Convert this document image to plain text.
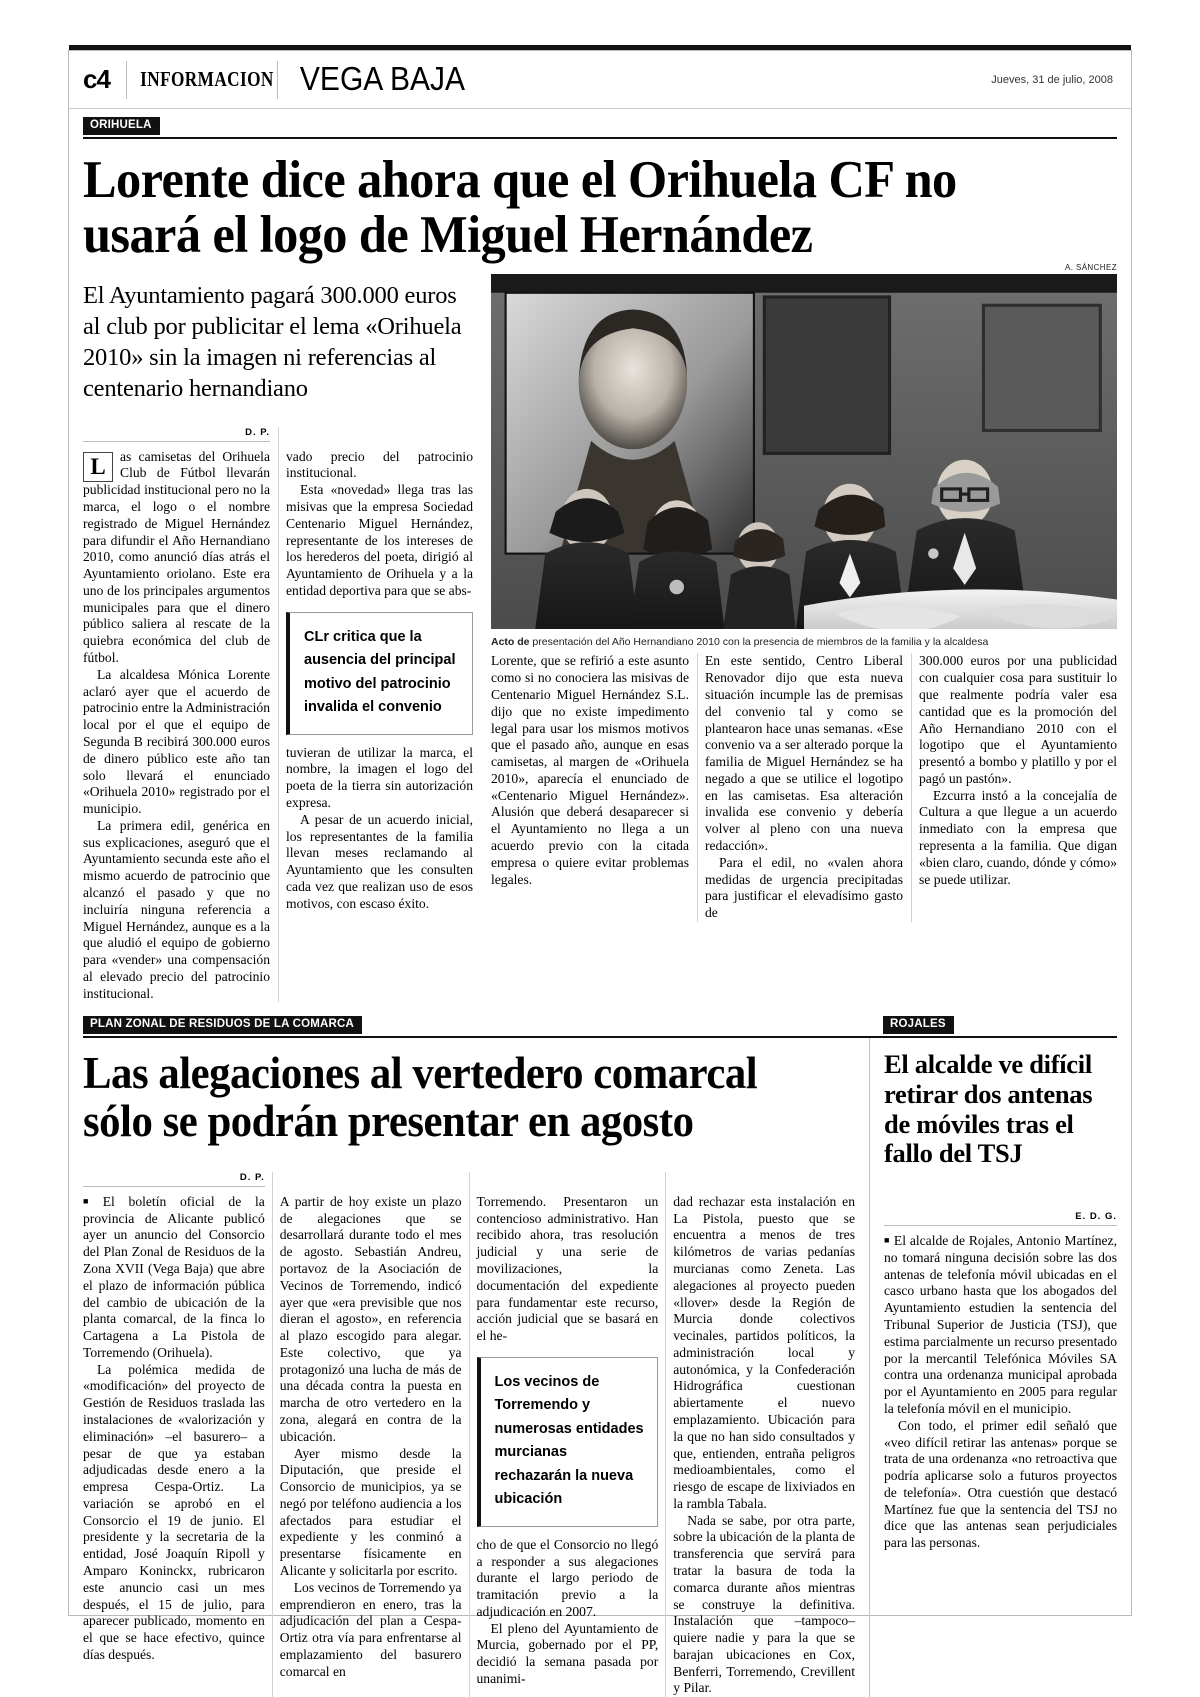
c4	INFORMACION VEGA BAJA	Jueves, 31 de julio, 2008
ORIHUELA
Lorente dice ahora que el Orihuela CF no usará el logo de Miguel Hernández
El Ayuntamiento pagará 300.000 euros al club por publicitar el lema «Orihuela 2010» sin la imagen ni referencias al centenario hernandiano
D. P.

L	as camisetas del Orihuela Club de Fútbol llevarán publicidad institucional pero no la marca, el logo o el nombre registrado de Miguel Hernández para difundir el Año Hernandiano 2010, como anunció días atrás el Ayuntamiento oriolano. Este era uno de los principales argumentos municipales para que el dinero público saliera al rescate de la quiebra económica del club de fútbol.

La alcaldesa Mónica Lorente aclaró ayer que el acuerdo de patrocinio entre la Administración local por el que el equipo de Segunda B recibirá 300.000 euros de dinero público este año tan solo llevará el enunciado «Orihuela 2010» registrado por el municipio.

La primera edil, genérica en sus explicaciones, aseguró que el Ayuntamiento secunda este año el mismo acuerdo de patrocinio que alcanzó el pasado y que no incluiría ninguna referencia a Miguel Hernández, aunque es a la que aludió el equipo de gobierno para «vender» una compensación al elevado precio del patrocinio institucional.

vado precio del patrocinio institucional.

Esta «novedad» llega tras las misivas que la empresa Sociedad Centenario Miguel Hernández, representante de los intereses de los herederos del poeta, dirigió al Ayuntamiento de Orihuela y a la entidad deportiva para que se abs-

CLr critica que la ausencia del principal motivo del patrocinio invalida el convenio

tuvieran de utilizar la marca, el nombre, la imagen el logo del poeta de la tierra sin autorización expresa.

A pesar de un acuerdo inicial, los representantes de la familia llevan meses reclamando al Ayuntamiento que les consulten cada vez que realizan uso de esos motivos, con escaso éxito.

A. SÁNCHEZ
Acto de presentación del Año Hernandiano 2010 con la presencia de miembros de la familia y la alcaldesa

Lorente, que se refirió a este asunto como si no conociera las misivas de Centenario Miguel Hernández S.L. dijo que no existe impedimento legal para usar los mismos motivos que el pasado año, aunque en esas camisetas, al margen de «Orihuela 2010», aparecía el enunciado de «Centenario Miguel Hernández». Alusión que deberá desaparecer si el Ayuntamiento no llega a un acuerdo previo con la citada empresa o quiere evitar problemas legales.

En este sentido, Centro Liberal Renovador dijo que esta nueva situación incumple las de premisas del convenio tal y como se plantearon hace unas semanas. «Ese convenio va a ser alterado porque la familia de Miguel Hernández se ha negado a que se utilice el logotipo en las camisetas. Esa alteración invalida ese convenio y debería volver al pleno con una nueva redacción».

Para el edil, no «valen ahora medidas de urgencia precipitadas para justificar el elevadísimo gasto de

300.000 euros por una publicidad con cualquier cosa para sustituir lo que realmente podría valer esa cantidad que es la promoción del Año Hernandiano 2010 con el logotipo que el Ayuntamiento presentó a bombo y platillo y por el pagó un pastón».

Ezcurra instó a la concejalía de Cultura a que llegue a un acuerdo inmediato con la empresa que representa a la familia. Que digan «bien claro, cuando, dónde y cómo» se puede utilizar.

PLAN ZONAL DE RESIDUOS DE LA COMARCA	ROJALES
Las alegaciones al vertedero comarcal sólo se podrán presentar en agosto
D. P.

■ El boletín oficial de la provincia de Alicante publicó ayer un anuncio del Consorcio del Plan Zonal de Residuos de la Zona XVII (Vega Baja) que abre el plazo de información pública del cambio de ubicación de la planta comarcal, de la finca lo Cartagena a La Pistola de Torremendo (Orihuela).

La polémica medida de «modificación» del proyecto de Gestión de Residuos traslada las instalaciones de «valorización y eliminación» –el basurero– a pesar de que ya estaban adjudicadas desde enero a la empresa Cespa-Ortiz. La variación se aprobó en el Consorcio el 19 de junio. El presidente y la secretaria de la entidad, José Joaquín Ripoll y Amparo Koninckx, rubricaron este anuncio casi un mes después, el 15 de julio, para aparecer publicado, momento en el que se hace efectivo, quince días después.

A partir de hoy existe un plazo de alegaciones que se desarrollará durante todo el mes de agosto. Sebastián Andreu, portavoz de la Asociación de Vecinos de Torremendo, indicó ayer que «era previsible que nos dieran el agosto», en referencia al plazo escogido para alegar. Este colectivo, que ya protagonizó una lucha de más de una década contra la puesta en marcha de otro vertedero en la zona, alegará en contra de la ubicación.

Ayer mismo desde la Diputación, que preside el Consorcio de municipios, ya se negó por teléfono audiencia a los afectados para estudiar el expediente y les conminó a presentarse físicamente en Alicante y solicitarla por escrito.

Los vecinos de Torremendo ya emprendieron en enero, tras la adjudicación del plan a Cespa-Ortiz otra vía para enfrentarse al emplazamiento del basurero comarcal en

Torremendo. Presentaron un contencioso administrativo. Han recibido ahora, tras resolución judicial y una serie de movilizaciones, la documentación del expediente para fundamentar este recurso, acción judicial que se basará en el he-

Los vecinos de Torremendo y numerosas entidades murcianas rechazarán la nueva ubicación

cho de que el Consorcio no llegó a responder a sus alegaciones durante el largo periodo de tramitación previo a la adjudicación en 2007.

El pleno del Ayuntamiento de Murcia, gobernado por el PP, decidió la semana pasada por unanimi-

dad rechazar esta instalación en La Pistola, puesto que se encuentra a menos de tres kilómetros de varias pedanías murcianas como Zeneta. Las alegaciones al proyecto pueden «llover» desde la Región de Murcia donde colectivos vecinales, partidos políticos, la administración local y autonómica, y la Confederación Hidrográfica cuestionan abiertamente el nuevo emplazamiento. Ubicación para la que no han sido consultados y que, entienden, entraña peligros medioambientales, como el riesgo de escape de lixiviados en la rambla Tabala.

Nada se sabe, por otra parte, sobre la ubicación de la planta de transferencia que servirá para tratar la basura de toda la comarca durante años mientras se construye la definitiva. Instalación que –tampoco– quiere nadie y para la que se barajan ubicaciones en Cox, Benferri, Torremendo, Crevillent y Pilar.

El alcalde ve difícil retirar dos antenas de móviles tras el fallo del TSJ
E. D. G.

■ El alcalde de Rojales, Antonio Martínez, no tomará ninguna decisión sobre las dos antenas de telefonía móvil ubicadas en el casco urbano hasta que los abogados del Ayuntamiento estudien la sentencia del Tribunal Superior de Justicia (TSJ), que estima parcialmente un recurso presentado por la mercantil Telefónica Móviles SA contra una ordenanza municipal aprobada por el Ayuntamiento en 2005 para regular la telefonía móvil en el municipio.

Con todo, el primer edil señaló que «veo difícil retirar las antenas» porque se trata de una ordenanza «no retroactiva que podría aplicarse solo a futuros proyectos de telefonía». Otra cuestión que destacó Martínez fue que la sentencia del TSJ no dice que las antenas sean perjudiciales para las personas.
